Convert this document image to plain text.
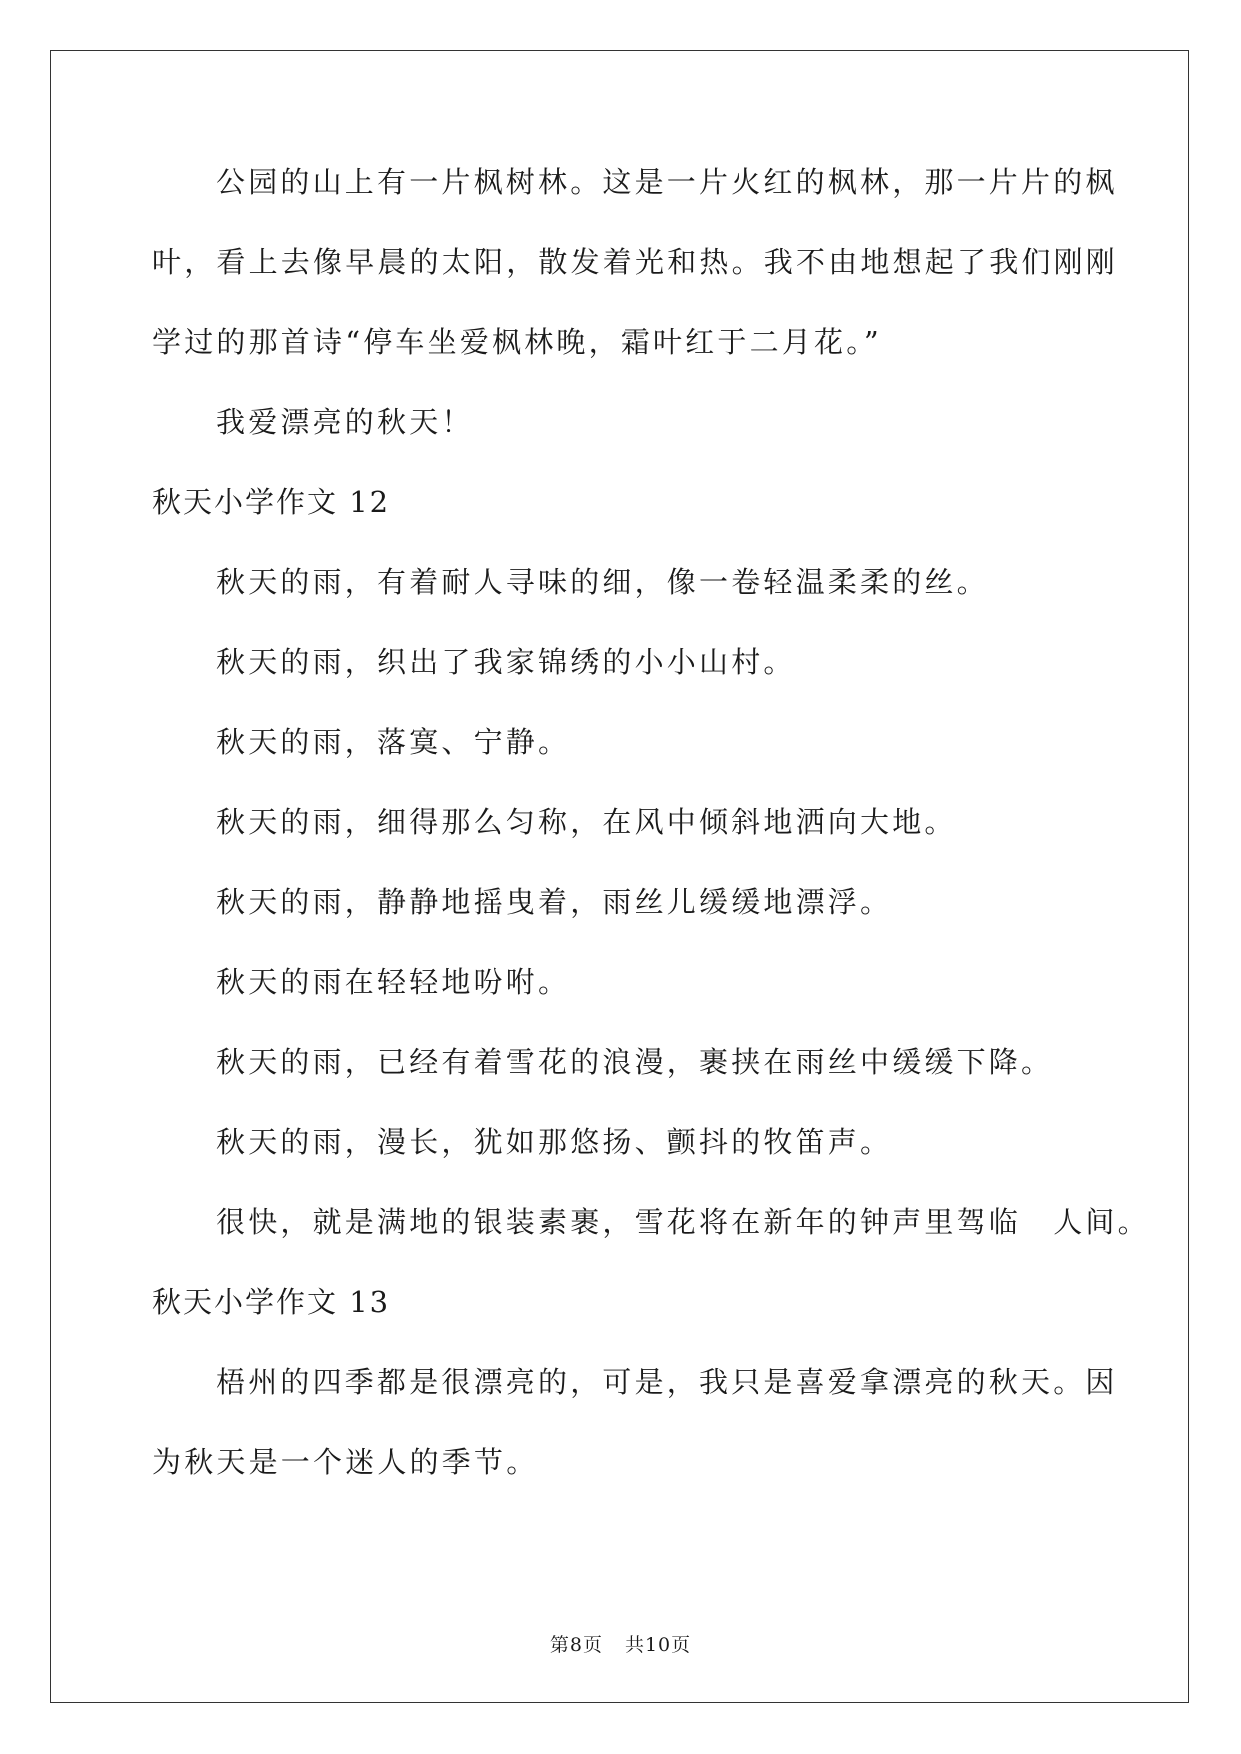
公园的山上有一片枫树林。这是一片火红的枫林，那一片片的枫
叶，看上去像早晨的太阳，散发着光和热。我不由地想起了我们刚刚
学过的那首诗“停车坐爱枫林晚，霜叶红于二月花。”
我爱漂亮的秋天！
秋天小学作文 12
秋天的雨，有着耐人寻味的细，像一卷轻温柔柔的丝。
秋天的雨，织出了我家锦绣的小小山村。
秋天的雨，落寞、宁静。
秋天的雨，细得那么匀称，在风中倾斜地洒向大地。
秋天的雨，静静地摇曳着，雨丝儿缓缓地漂浮。
秋天的雨在轻轻地吩咐。
秋天的雨，已经有着雪花的浪漫，裹挟在雨丝中缓缓下降。
秋天的雨，漫长，犹如那悠扬、颤抖的牧笛声。
很快，就是满地的银装素裹，雪花将在新年的钟声里驾临　人间。
秋天小学作文 13
梧州的四季都是很漂亮的，可是，我只是喜爱拿漂亮的秋天。因
为秋天是一个迷人的季节。
第8页 共10页
